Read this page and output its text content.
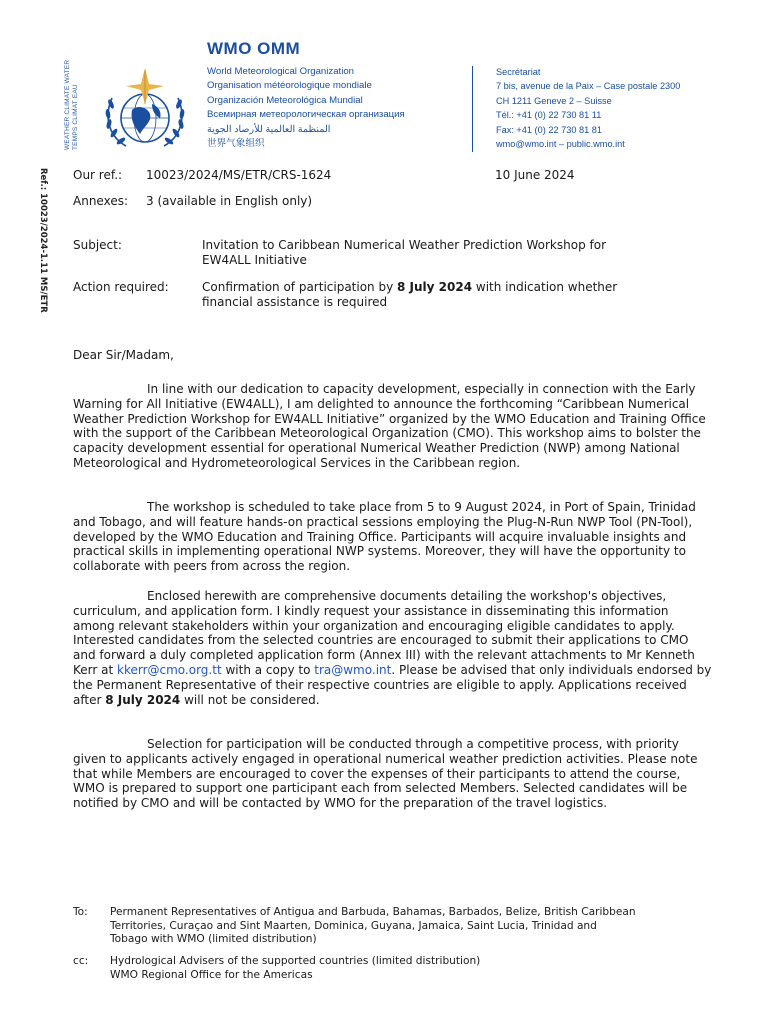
WEATHER CLIMATE WATER TEMPS CLIMAT EAU
WMO OMM
World Meteorological Organization
Organisation météorologique mondiale
Organización Meteorológica Mundial
Всемирная метеорологическая организация
المنظمة العالمية للأرصاد الجوية
世界气象组织
Secrétariat
7 bis, avenue de la Paix – Case postale 2300
CH 1211 Geneve 2 – Suisse
Tél.: +41 (0) 22 730 81 11
Fax: +41 (0) 22 730 81 81
wmo@wmo.int – public.wmo.int
Ref.: 10023/2024-1.11 MS/ETR Our ref.: 10023/2024/MS/ETR/CRS-1624	10 June 2024
Annexes: 3 (available in English only)
Subject:	Invitation to Caribbean Numerical Weather Prediction Workshop for
EW4ALL Initiative
Action required:	Confirmation of participation by 8 July 2024 with indication whether
financial assistance is required
Dear Sir/Madam,

In line with our dedication to capacity development, especially in connection with the Early Warning for All Initiative (EW4ALL), I am delighted to announce the forthcoming “Caribbean Numerical Weather Prediction Workshop for EW4ALL Initiative” organized by the WMO Education and Training Office with the support of the Caribbean Meteorological Organization (CMO). This workshop aims to bolster the capacity development essential for operational Numerical Weather Prediction (NWP) among National Meteorological and Hydrometeorological Services in the Caribbean region.

The workshop is scheduled to take place from 5 to 9 August 2024, in Port of Spain, Trinidad and Tobago, and will feature hands-on practical sessions employing the Plug-N-Run NWP Tool (PN-Tool), developed by the WMO Education and Training Office. Participants will acquire invaluable insights and practical skills in implementing operational NWP systems. Moreover, they will have the opportunity to collaborate with peers from across the region.

Enclosed herewith are comprehensive documents detailing the workshop's objectives, curriculum, and application form. I kindly request your assistance in disseminating this information among relevant stakeholders within your organization and encouraging eligible candidates to apply. Interested candidates from the selected countries are encouraged to submit their applications to CMO and forward a duly completed application form (Annex III) with the relevant attachments to Mr Kenneth Kerr at kkerr@cmo.org.tt with a copy to tra@wmo.int. Please be advised that only individuals endorsed by the Permanent Representative of their respective countries are eligible to apply. Applications received after 8 July 2024 will not be considered.

Selection for participation will be conducted through a competitive process, with priority given to applicants actively engaged in operational numerical weather prediction activities. Please note that while Members are encouraged to cover the expenses of their participants to attend the course, WMO is prepared to support one participant each from selected Members. Selected candidates will be notified by CMO and will be contacted by WMO for the preparation of the travel logistics.

To: Permanent Representatives of Antigua and Barbuda, Bahamas, Barbados, Belize, British Caribbean
Territories, Curaçao and Sint Maarten, Dominica, Guyana, Jamaica, Saint Lucia, Trinidad and
Tobago with WMO (limited distribution)
cc: Hydrological Advisers of the supported countries (limited distribution)
WMO Regional Office for the Americas
